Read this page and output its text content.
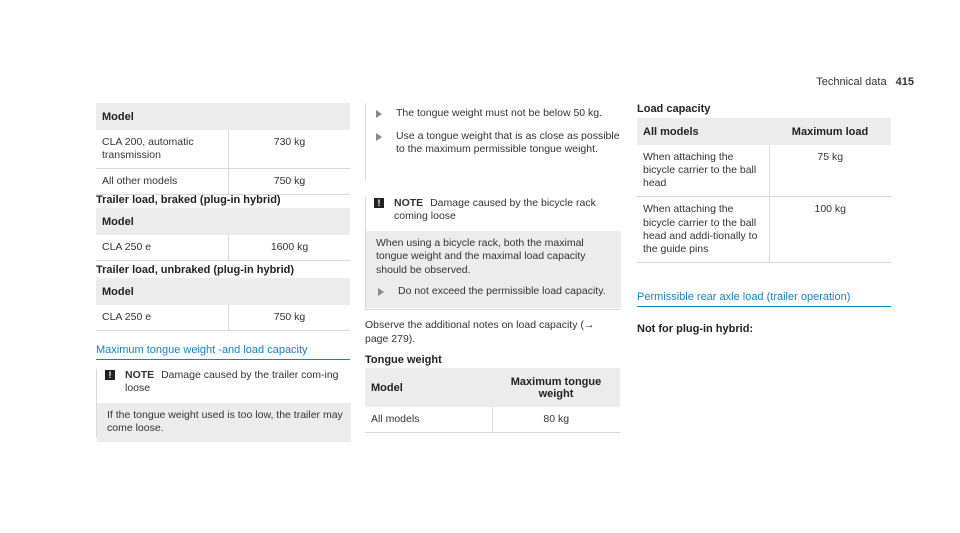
Technical data 415
Model	
CLA 200, automatic transmission	730 kg
All other models	750 kg
Trailer load, braked (plug-in hybrid)
Model
CLA 250 e	1600 kg
Trailer load, unbraked (plug-in hybrid)
Model
CLA 250 e	750 kg
Maximum tongue weight -and load capacity
!	NOTE Damage caused by the trailer com-ing loose
If the tongue weight used is too low, the trailer may come loose.
The tongue weight must not be below 50 kg.
Use a tongue weight that is as close as possible to the maximum permissible tongue weight.
!	NOTE Damage caused by the bicycle rack coming loose
When using a bicycle rack, both the maximal tongue weight and the maximal load capacity should be observed.
Do not exceed the permissible load capacity.
Observe the additional notes on load capacity (→ page 279).
Tongue weight
Model	Maximum tongue weight
All models	80 kg
Load capacity
All models	Maximum load
When attaching the bicycle carrier to the ball head	75 kg
When attaching the bicycle carrier to the ball head and addi-tionally to the guide pins	100 kg
Permissible rear axle load (trailer operation)
Not for plug-in hybrid:
